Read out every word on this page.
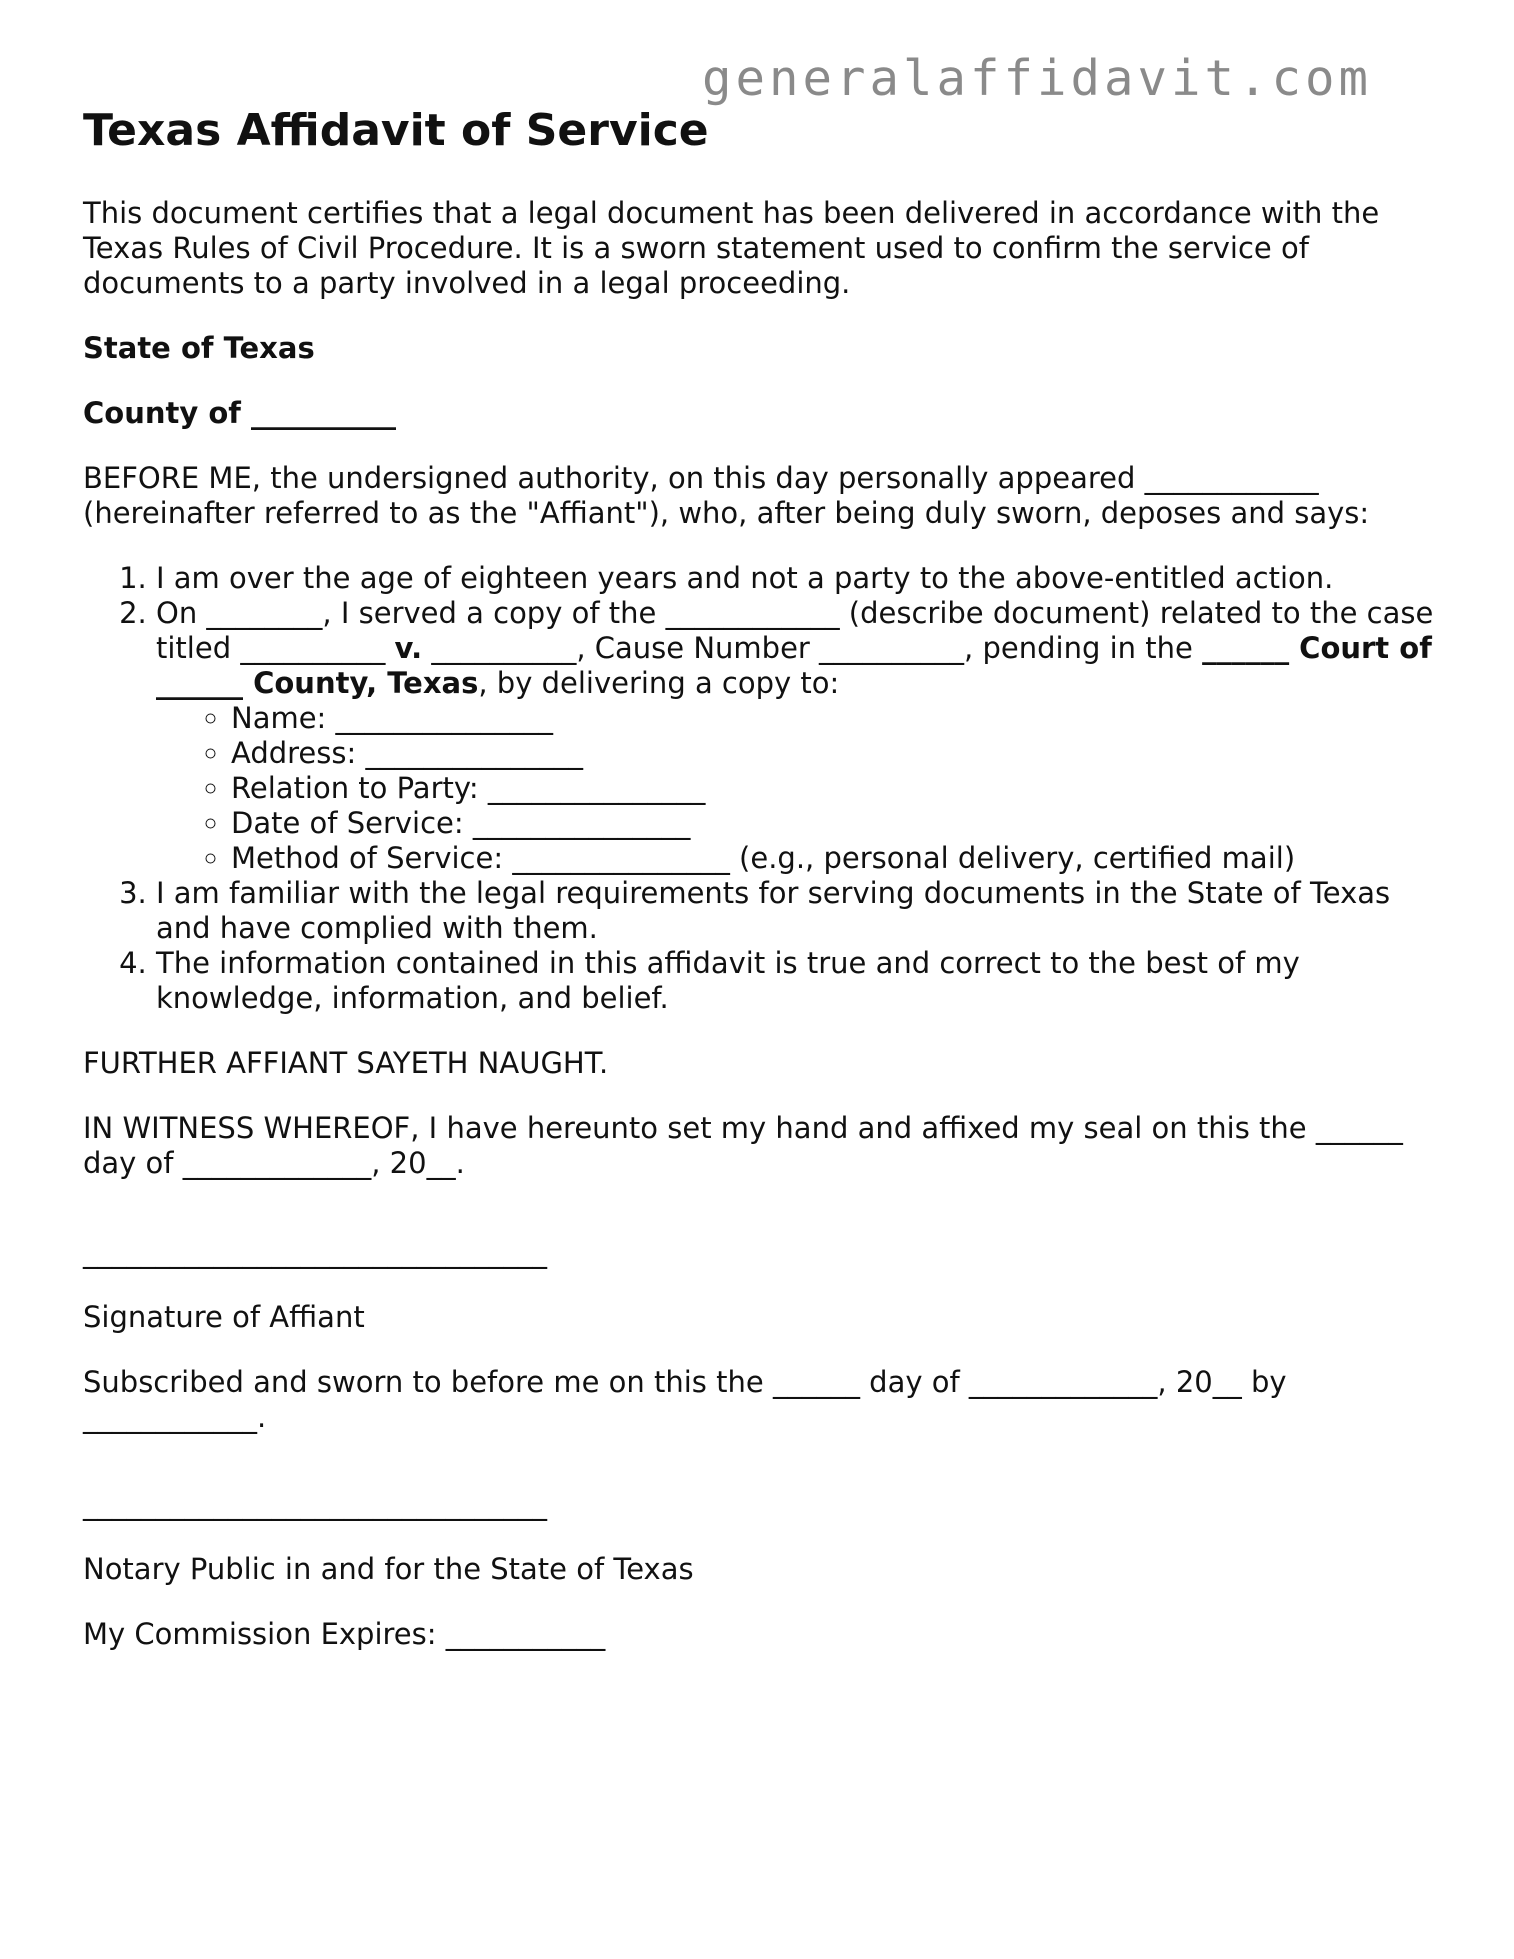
generalaffidavit.com
Texas Affidavit of Service

This document certifies that a legal document has been delivered in accordance with the Texas Rules of Civil Procedure. It is a sworn statement used to confirm the service of documents to a party involved in a legal proceeding.

State of Texas

County of __________

BEFORE ME, the undersigned authority, on this day personally appeared ____________ (hereinafter referred to as the "Affiant"), who, after being duly sworn, deposes and says:

1. I am over the age of eighteen years and not a party to the above-entitled action.
2. On ________, I served a copy of the ____________ (describe document) related to the case titled __________ v. __________, Cause Number __________, pending in the ______ Court of ______ County, Texas, by delivering a copy to:
◦ Name: _______________
◦ Address: _______________
◦ Relation to Party: _______________
◦ Date of Service: _______________
◦ Method of Service: _______________ (e.g., personal delivery, certified mail)
3. I am familiar with the legal requirements for serving documents in the State of Texas and have complied with them.
4. The information contained in this affidavit is true and correct to the best of my knowledge, information, and belief.

FURTHER AFFIANT SAYETH NAUGHT.

IN WITNESS WHEREOF, I have hereunto set my hand and affixed my seal on this the ______ day of _____________, 20__.

________________________________

Signature of Affiant

Subscribed and sworn to before me on this the ______ day of _____________, 20__ by ____________.

________________________________

Notary Public in and for the State of Texas

My Commission Expires: ___________
